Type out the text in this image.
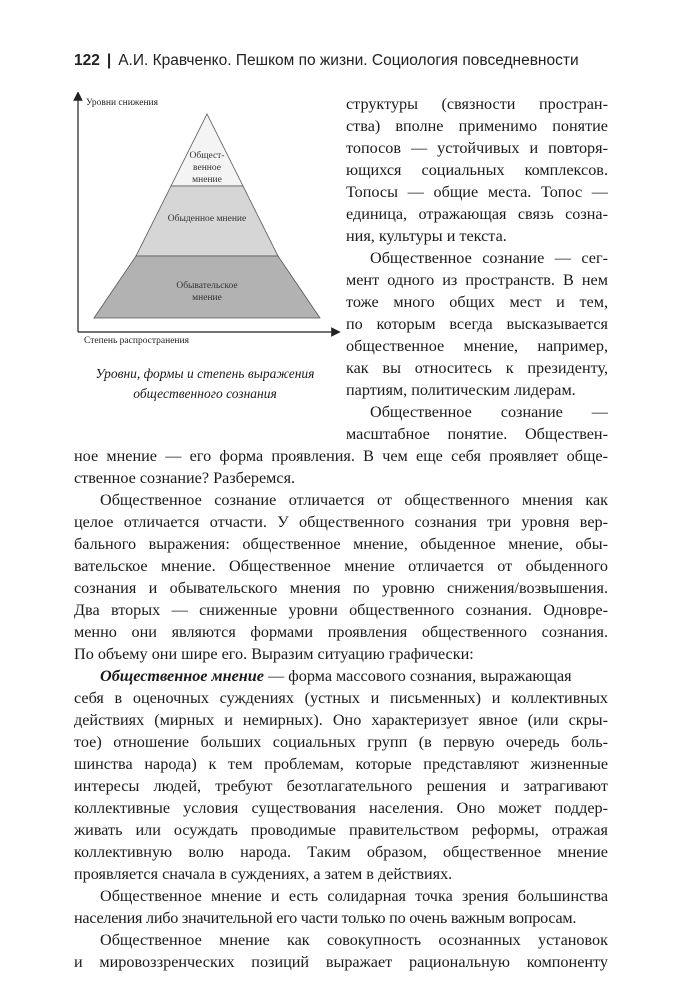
122 | А.И. Кравченко. Пешком по жизни. Социология повседневности
Уровни снижения
Степень распространения
Общест-
венное
мнение
Обыденное мнение
Обывательское
мнение
Уровни, формы и степень выражения
общественного сознания
структуры (связности простран-
ства) вполне применимо понятие
топосов — устойчивых и повторя-
ющихся социальных комплексов.
Топосы — общие места. Топос —
единица, отражающая связь созна-
ния, культуры и текста.
Общественное сознание — сег-
мент одного из пространств. В нем
тоже много общих мест и тем,
по которым всегда высказывается
общественное мнение, например,
как вы относитесь к президенту,
партиям, политическим лидерам.
Общественное сознание —
масштабное понятие. Обществен-
ное мнение — его форма проявления. В чем еще себя проявляет обще-
ственное сознание? Разберемся.
Общественное сознание отличается от общественного мнения как
целое отличается отчасти. У общественного сознания три уровня вер-
бального выражения: общественное мнение, обыденное мнение, обы-
вательское мнение. Общественное мнение отличается от обыденного
сознания и обывательского мнения по уровню снижения/возвышения.
Два вторых — сниженные уровни общественного сознания. Одновре-
менно они являются формами проявления общественного сознания.
По объему они шире его. Выразим ситуацию графически:
Общественное мнение — форма массового сознания, выражающая
себя в оценочных суждениях (устных и письменных) и коллективных
действиях (мирных и немирных). Оно характеризует явное (или скры-
тое) отношение больших социальных групп (в первую очередь боль-
шинства народа) к тем проблемам, которые представляют жизненные
интересы людей, требуют безотлагательного решения и затрагивают
коллективные условия существования населения. Оно может поддер-
живать или осуждать проводимые правительством реформы, отражая
коллективную волю народа. Таким образом, общественное мнение
проявляется сначала в суждениях, а затем в действиях.
Общественное мнение и есть солидарная точка зрения большинства
населения либо значительной его части только по очень важным вопросам.
Общественное мнение как совокупность осознанных установок
и мировоззренческих позиций выражает рациональную компоненту
